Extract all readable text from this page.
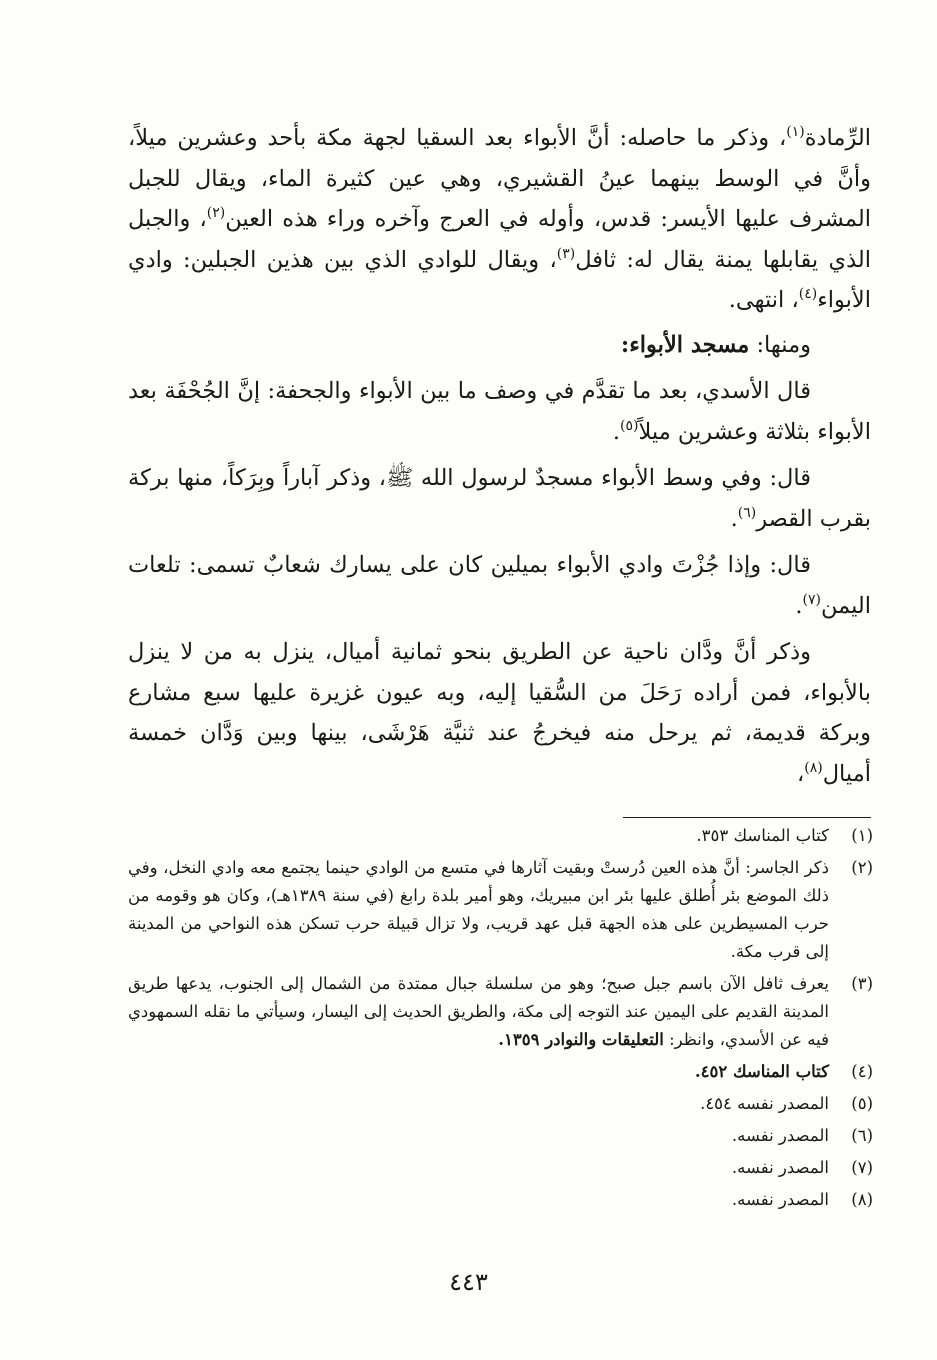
الرِّمادة$^{(١)}$، وذكر ما حاصله: أنَّ الأبواء بعد السقيا لجهة مكة بأحد وعشرين ميلاً، وأنَّ في الوسط بينهما عينُ القشيري، وهي عين كثيرة الماء، ويقال للجبل المشرف عليها الأيسر: قدس، وأوله في العرج وآخره وراء هذه العين$^{(٢)}$، والجبل الذي يقابلها يمنة يقال له: ثافل$^{(٣)}$، ويقال للوادي الذي بين هذين الجبلين: وادي الأبواء$^{(٤)}$، انتهى.

ومنها: مسجد الأبواء:

قال الأسدي، بعد ما تقدَّم في وصف ما بين الأبواء والجحفة: إنَّ الجُحْفَة بعد الأبواء بثلاثة وعشرين ميلاً$^{(٥)}$.

قال: وفي وسط الأبواء مسجدٌ لرسول الله ﷺ، وذكر آباراً وبِرَكاً، منها بركة بقرب القصر$^{(٦)}$.

قال: وإذا جُزْتَ وادي الأبواء بميلين كان على يسارك شعابٌ تسمى: تلعات اليمن$^{(٧)}$.

وذكر أنَّ ودَّان ناحية عن الطريق بنحو ثمانية أميال، ينزل به من لا ينزل بالأبواء، فمن أراده رَحَلَ من السُّقيا إليه، وبه عيون غزيرة عليها سبع مشارع وبركة قديمة، ثم يرحل منه فيخرجُ عند ثنيَّة هَرْشَى، بينها وبين وَدَّان خمسة أميال$^{(٨)}$،

(١)
كتاب المناسك ٣٥٣.
(٢)
ذكر الجاسر: أنَّ هذه العين دُرستْ وبقيت آثارها في متسع من الوادي حينما يجتمع معه وادي النخل، وفي ذلك الموضع بئر أُطلق عليها بئر ابن مبيريك، وهو أمير بلدة رابغ (في سنة ١٣٨٩هـ)، وكان هو وقومه من حرب المسيطرين على هذه الجهة قبل عهد قريب، ولا تزال قبيلة حرب تسكن هذه النواحي من المدينة إلى قرب مكة.
(٣)
يعرف ثافل الآن باسم جبل صبح؛ وهو من سلسلة جبال ممتدة من الشمال إلى الجنوب، يدعها طريق المدينة القديم على اليمين عند التوجه إلى مكة، والطريق الحديث إلى اليسار، وسيأتي ما نقله السمهودي فيه عن الأسدي، وانظر: التعليقات والنوادر ١٣٥٩.
(٤)
كتاب المناسك ٤٥٢.
(٥)
المصدر نفسه ٤٥٤.
(٦)
المصدر نفسه.
(٧)
المصدر نفسه.
(٨)
المصدر نفسه.
٤٤٣
